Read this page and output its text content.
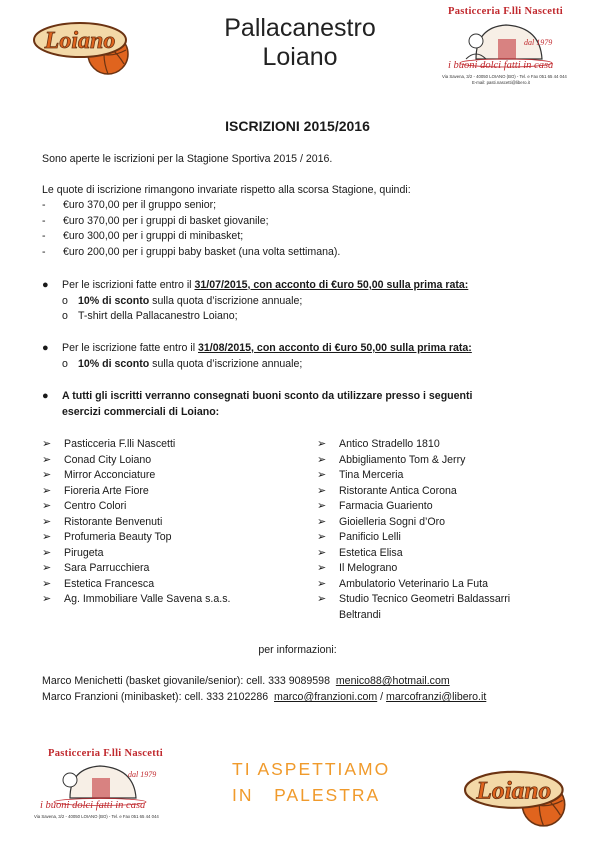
Loiano	Pallacanestro
Loiano
Pasticceria F.lli Nascetti
dal 1979
i buoni dolci fatti in casa
Via Savena, 3/2 - 40050 LOIANO (BO) - Tel. e Fax 051 65 44 044
E-mail: pasti.nascetti@libero.it
ISCRIZIONI 2015/2016
Sono aperte le iscrizioni per la Stagione Sportiva 2015 / 2016.
Le quote di iscrizione rimangono invariate rispetto alla scorsa Stagione, quindi:
- €uro 370,00 per il gruppo senior;
- €uro 370,00 per i gruppi di basket giovanile;
- €uro 300,00 per i gruppi di minibasket;
- €uro 200,00 per i gruppi baby basket (una volta settimana).
● Per le iscrizioni fatte entro il 31/07/2015, con acconto di €uro 50,00 sulla prima rata:
o 10% di sconto sulla quota d’iscrizione annuale;
o T-shirt della Pallacanestro Loiano;
● Per le iscrizione fatte entro il 31/08/2015, con acconto di €uro 50,00 sulla prima rata:
o 10% di sconto sulla quota d’iscrizione annuale;
● A tutti gli iscritti verranno consegnati buoni sconto da utilizzare presso i seguenti
esercizi commerciali di Loiano:
➢ Pasticceria F.lli Nascetti
➢ Conad City Loiano
➢ Mirror Acconciature
➢ Fioreria Arte Fiore
➢ Centro Colori
➢ Ristorante Benvenuti
➢ Profumeria Beauty Top
➢ Pirugeta
➢ Sara Parrucchiera
➢ Estetica Francesca
➢ Ag. Immobiliare Valle Savena s.a.s.
➢ Antico Stradello 1810
➢ Abbigliamento Tom & Jerry
➢ Tina Merceria
➢ Ristorante Antica Corona
➢ Farmacia Guariento
➢ Gioielleria Sogni d’Oro
➢ Panificio Lelli
➢ Estetica Elisa
➢ Il Melograno
➢ Ambulatorio Veterinario La Futa
➢ Studio Tecnico Geometri Baldassarri
Beltrandi
per informazioni:
Marco Menichetti (basket giovanile/senior): cell. 333 9089598 menico88@hotmail.com
Marco Franzioni (minibasket): cell. 333 2102286 marco@franzioni.com / marcofranzi@libero.it
Pasticceria F.lli Nascetti
dal 1979
i buoni dolci fatti in casa
Via Savena, 3/2 - 40050 LOIANO (BO) - Tel. e Fax 051 65 44 044
TI ASPETTIAMO
IN   PALESTRA	Loiano
